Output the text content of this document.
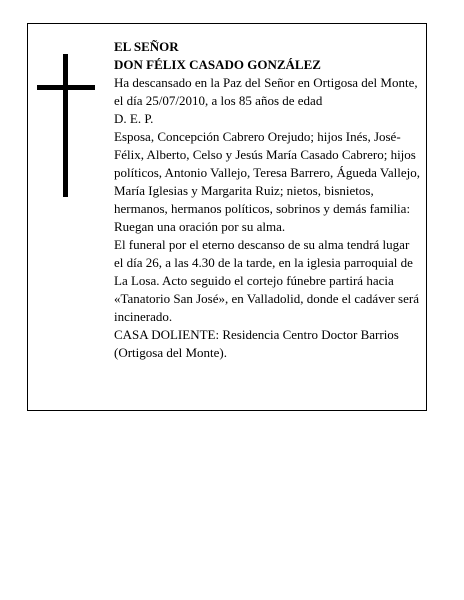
EL SEÑOR

DON FÉLIX CASADO GONZÁLEZ

Ha descansado en la Paz del Señor en Ortigosa del Monte, el día 25/07/2010, a los 85 años de edad

D. E. P.

Esposa, Concepción Cabrero Orejudo; hijos Inés, José-Félix, Alberto, Celso y Jesús María Casado Cabrero; hijos políticos, Antonio Vallejo, Teresa Barrero, Águeda Vallejo, María Iglesias y Margarita Ruiz; nietos, bisnietos, hermanos, hermanos políticos, sobrinos y demás familia:

Ruegan una oración por su alma.

El funeral por el eterno descanso de su alma tendrá lugar el día 26, a las 4.30 de la tarde, en la iglesia parroquial de La Losa. Acto seguido el cortejo fúnebre partirá hacia «Tanatorio San José», en Valladolid, donde el cadáver será incinerado.

CASA DOLIENTE: Residencia Centro Doctor Barrios (Ortigosa del Monte).
